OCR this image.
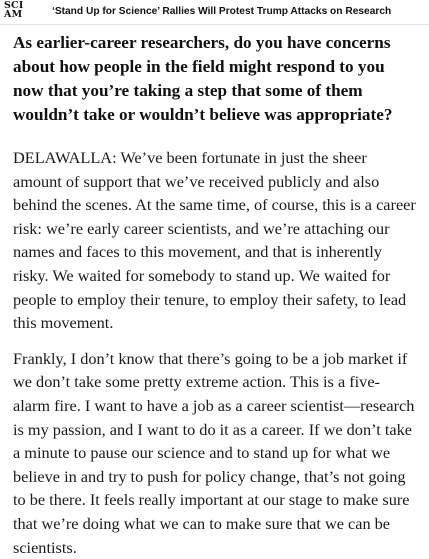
SCI
AM	‘Stand Up for Science’ Rallies Will Protest Trump Attacks on Research

As earlier-career researchers, do you have concerns about how people in the field might respond to you now that you’re taking a step that some of them wouldn’t take or wouldn’t believe was appropriate?

DELAWALLA: We’ve been fortunate in just the sheer amount of support that we’ve received publicly and also behind the scenes. At the same time, of course, this is a career risk: we’re early career scientists, and we’re attaching our names and faces to this movement, and that is inherently risky. We waited for somebody to stand up. We waited for people to employ their tenure, to employ their safety, to lead this movement.

Frankly, I don’t know that there’s going to be a job market if we don’t take some pretty extreme action. This is a five-alarm fire. I want to have a job as a career scientist—research is my passion, and I want to do it as a career. If we don’t take a minute to pause our science and to stand up for what we believe in and try to push for policy change, that’s not going to be there. It feels really important at our stage to make sure that we’re doing what we can to make sure that we can be scientists.
